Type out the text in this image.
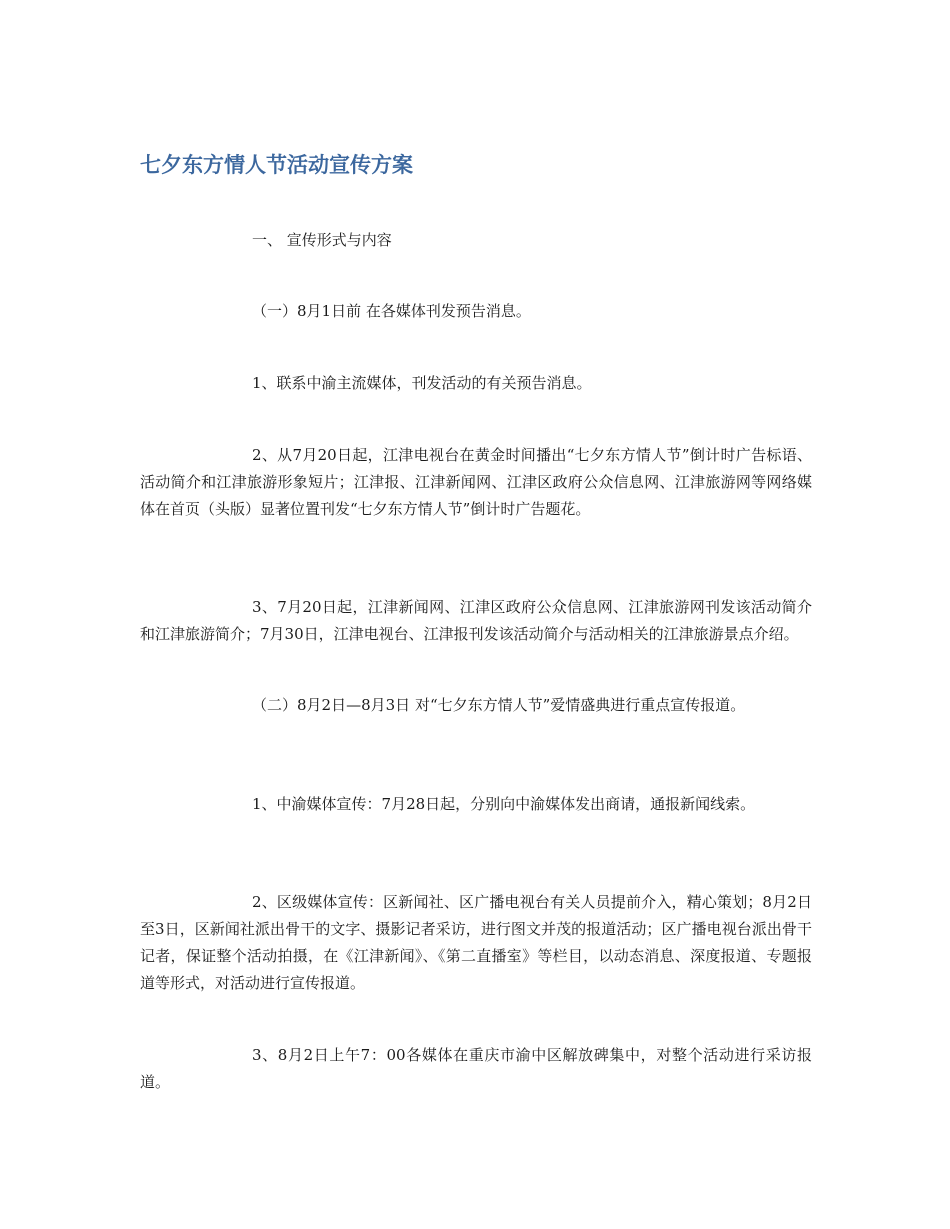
七夕东方情人节活动宣传方案

一、 宣传形式与内容

（一）8月1日前 在各媒体刊发预告消息。

1、联系中渝主流媒体，刊发活动的有关预告消息。

2、从7月20日起，江津电视台在黄金时间播出“七夕东方情人节”倒计时广告标语、活动简介和江津旅游形象短片；江津报、江津新闻网、江津区政府公众信息网、江津旅游网等网络媒体在首页（头版）显著位置刊发“七夕东方情人节”倒计时广告题花。

3、7月20日起，江津新闻网、江津区政府公众信息网、江津旅游网刊发该活动简介和江津旅游简介；7月30日，江津电视台、江津报刊发该活动简介与活动相关的江津旅游景点介绍。

（二）8月2日—8月3日 对“七夕东方情人节”爱情盛典进行重点宣传报道。

1、中渝媒体宣传：7月28日起，分别向中渝媒体发出商请，通报新闻线索。

2、区级媒体宣传：区新闻社、区广播电视台有关人员提前介入，精心策划；8月2日至3日，区新闻社派出骨干的文字、摄影记者采访，进行图文并茂的报道活动；区广播电视台派出骨干记者，保证整个活动拍摄，在《江津新闻》、《第二直播室》等栏目，以动态消息、深度报道、专题报道等形式，对活动进行宣传报道。

3、8月2日上午7：00各媒体在重庆市渝中区解放碑集中，对整个活动进行采访报道。
